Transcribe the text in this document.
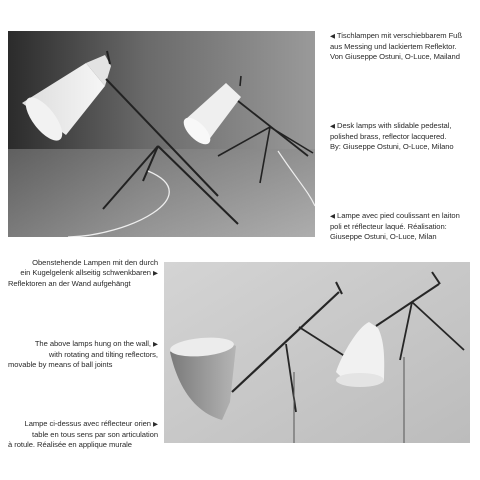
◀ Tischlampen mit verschiebbarem Fuß
aus Messing und lackiertem Reflektor.
Von Giuseppe Ostuni, O-Luce, Mailand
◀ Desk lamps with slidable pedestal,
polished brass, reflector lacquered.
By: Giuseppe Ostuni, O-Luce, Milano
◀ Lampe avec pied coulissant en laiton
poli et réflecteur laqué. Réalisation:
Giuseppe Ostuni, O-Luce, Milan
Obenstehende Lampen mit den durch
ein Kugelgelenk allseitig schwenkbaren ▶
Reflektoren an der Wand aufgehängt
The above lamps hung on the wall, ▶
with rotating and tilting reflectors,
movable by means of ball joints
Lampe ci-dessus avec réflecteur orien ▶
table en tous sens par son articulation
à rotule. Réalisée en applique murale
